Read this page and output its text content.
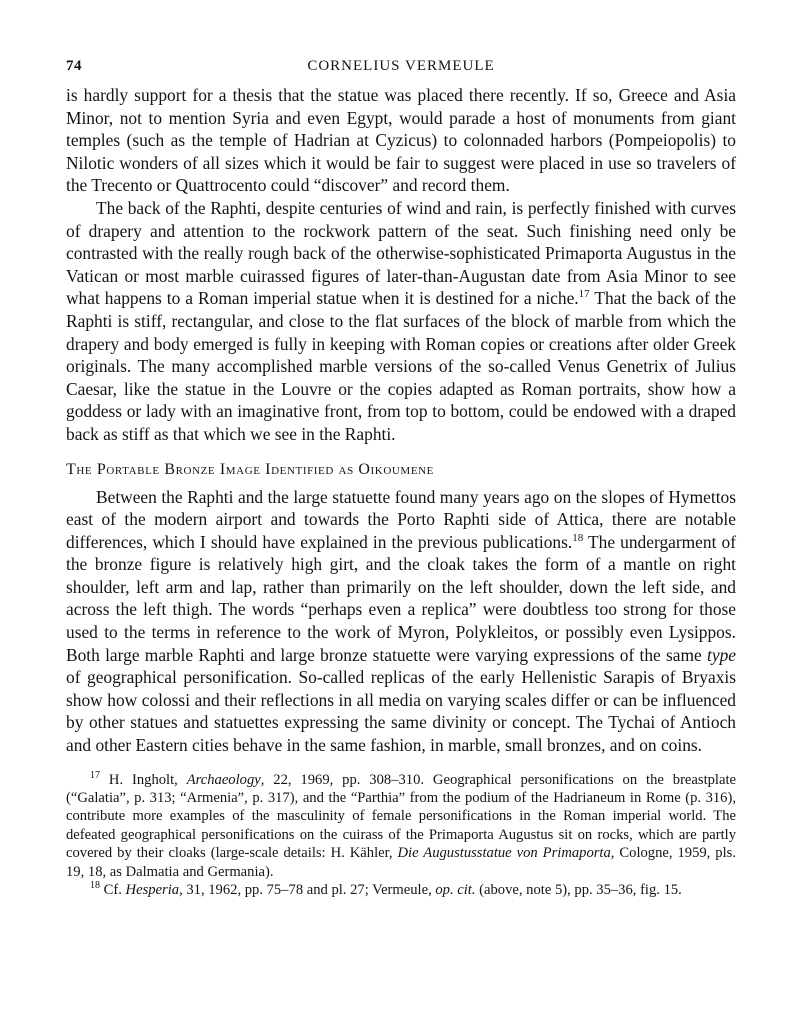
74	CORNELIUS VERMEULE

is hardly support for a thesis that the statue was placed there recently. If so, Greece and Asia Minor, not to mention Syria and even Egypt, would parade a host of monuments from giant temples (such as the temple of Hadrian at Cyzicus) to colonnaded harbors (Pompeiopolis) to Nilotic wonders of all sizes which it would be fair to suggest were placed in use so travelers of the Trecento or Quattrocento could “discover” and record them.

The back of the Raphti, despite centuries of wind and rain, is perfectly finished with curves of drapery and attention to the rockwork pattern of the seat. Such finishing need only be contrasted with the really rough back of the otherwise-sophisticated Primaporta Augustus in the Vatican or most marble cuirassed figures of later-than-Augustan date from Asia Minor to see what happens to a Roman imperial statue when it is destined for a niche.$^{17}$ That the back of the Raphti is stiff, rectangular, and close to the flat surfaces of the block of marble from which the drapery and body emerged is fully in keeping with Roman copies or creations after older Greek originals. The many accomplished marble versions of the so-called Venus Genetrix of Julius Caesar, like the statue in the Louvre or the copies adapted as Roman portraits, show how a goddess or lady with an imaginative front, from top to bottom, could be endowed with a draped back as stiff as that which we see in the Raphti.

The Portable Bronze Image Identified as Oikoumene

Between the Raphti and the large statuette found many years ago on the slopes of Hymettos east of the modern airport and towards the Porto Raphti side of Attica, there are notable differences, which I should have explained in the previous publications.$^{18}$ The undergarment of the bronze figure is relatively high girt, and the cloak takes the form of a mantle on right shoulder, left arm and lap, rather than primarily on the left shoulder, down the left side, and across the left thigh. The words “perhaps even a replica” were doubtless too strong for those used to the terms in reference to the work of Myron, Polykleitos, or possibly even Lysippos. Both large marble Raphti and large bronze statuette were varying expressions of the same type of geographical personification. So-called replicas of the early Hellenistic Sarapis of Bryaxis show how colossi and their reflections in all media on varying scales differ or can be influenced by other statues and statuettes expressing the same divinity or concept. The Tychai of Antioch and other Eastern cities behave in the same fashion, in marble, small bronzes, and on coins.

$^{17}$ H. Ingholt, Archaeology, 22, 1969, pp. 308–310. Geographical personifications on the breastplate (“Galatia”, p. 313; “Armenia”, p. 317), and the “Parthia” from the podium of the Hadrianeum in Rome (p. 316), contribute more examples of the masculinity of female personifications in the Roman imperial world. The defeated geographical personifications on the cuirass of the Primaporta Augustus sit on rocks, which are partly covered by their cloaks (large-scale details: H. Kähler, Die Augustusstatue von Primaporta, Cologne, 1959, pls. 19, 18, as Dalmatia and Germania).

$^{18}$ Cf. Hesperia, 31, 1962, pp. 75–78 and pl. 27; Vermeule, op. cit. (above, note 5), pp. 35–36, fig. 15.
